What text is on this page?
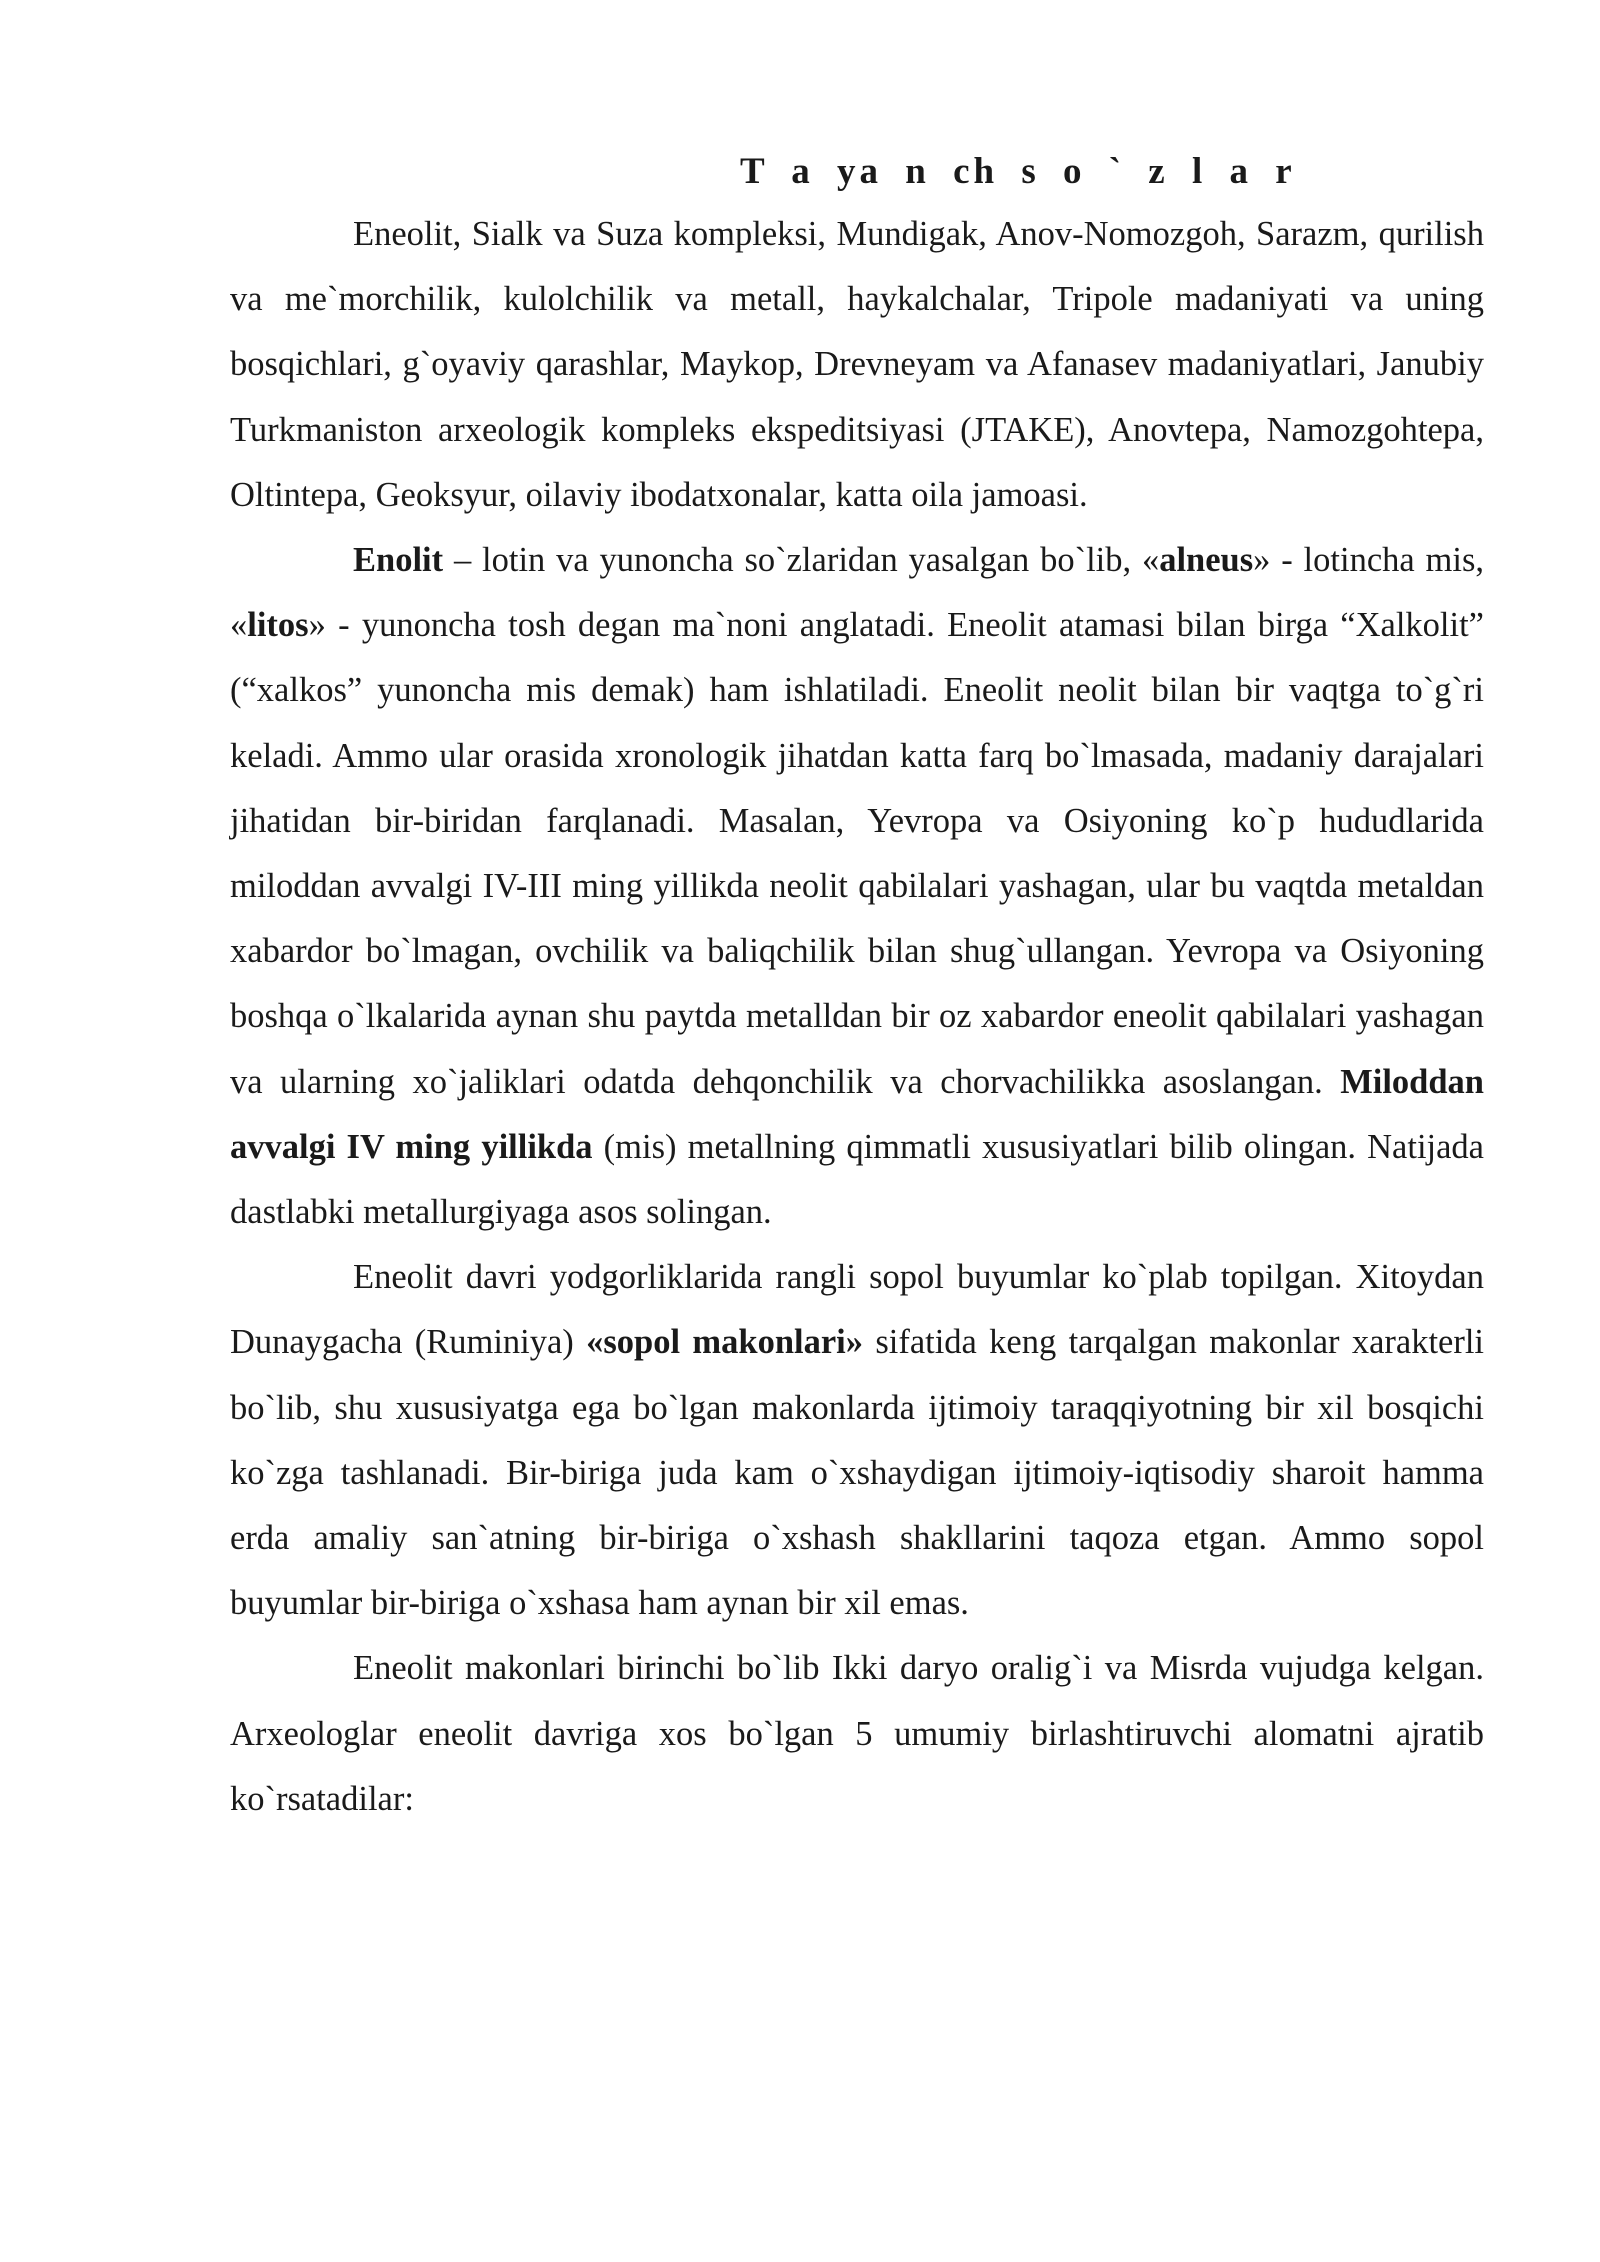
T a ya n ch s o ` z l a r

Eneolit, Sialk va Suza kompleksi, Mundigak, Anov-Nomozgoh, Sarazm, qurilish va me`morchilik, kulolchilik va metall, haykalchalar, Tripole madaniyati va uning bosqichlari, g`oyaviy qarashlar, Maykop, Drevneyam va Afanasev madaniyatlari, Janubiy Turkmaniston arxeologik kompleks ekspeditsiyasi (JTAKE), Anovtepa, Namozgohtepa, Oltintepa, Geoksyur, oilaviy ibodatxonalar, katta oila jamoasi.

Enolit – lotin va yunoncha so`zlaridan yasalgan bo`lib, «alneus» - lotincha mis, «litos» - yunoncha tosh degan ma`noni anglatadi. Eneolit atamasi bilan birga “Xalkolit” (“xalkos” yunoncha mis demak) ham ishlatiladi. Eneolit neolit bilan bir vaqtga to`g`ri keladi. Ammo ular orasida xronologik jihatdan katta farq bo`lmasada, madaniy darajalari jihatidan bir-biridan farqlanadi. Masalan, Yevropa va Osiyoning ko`p hududlarida miloddan avvalgi IV-III ming yillikda neolit qabilalari yashagan, ular bu vaqtda metaldan xabardor bo`lmagan, ovchilik va baliqchilik bilan shug`ullangan. Yevropa va Osiyoning boshqa o`lkalarida aynan shu paytda metalldan bir oz xabardor eneolit qabilalari yashagan va ularning xo`jaliklari odatda dehqonchilik va chorvachilikka asoslangan. Miloddan avvalgi IV ming yillikda (mis) metallning qimmatli xususiyatlari bilib olingan. Natijada dastlabki metallurgiyaga asos solingan.

Eneolit davri yodgorliklarida rangli sopol buyumlar ko`plab topilgan. Xitoydan Dunaygacha (Ruminiya) «sopol makonlari» sifatida keng tarqalgan makonlar xarakterli bo`lib, shu xususiyatga ega bo`lgan makonlarda ijtimoiy taraqqiyotning bir xil bosqichi ko`zga tashlanadi. Bir-biriga juda kam o`xshaydigan ijtimoiy-iqtisodiy sharoit hamma erda amaliy san`atning bir-biriga o`xshash shakllarini taqoza etgan. Ammo sopol buyumlar bir-biriga o`xshasa ham aynan bir xil emas.

Eneolit makonlari birinchi bo`lib Ikki daryo oralig`i va Misrda vujudga kelgan. Arxeologlar eneolit davriga xos bo`lgan 5 umumiy birlashtiruvchi alomatni ajratib ko`rsatadilar:
